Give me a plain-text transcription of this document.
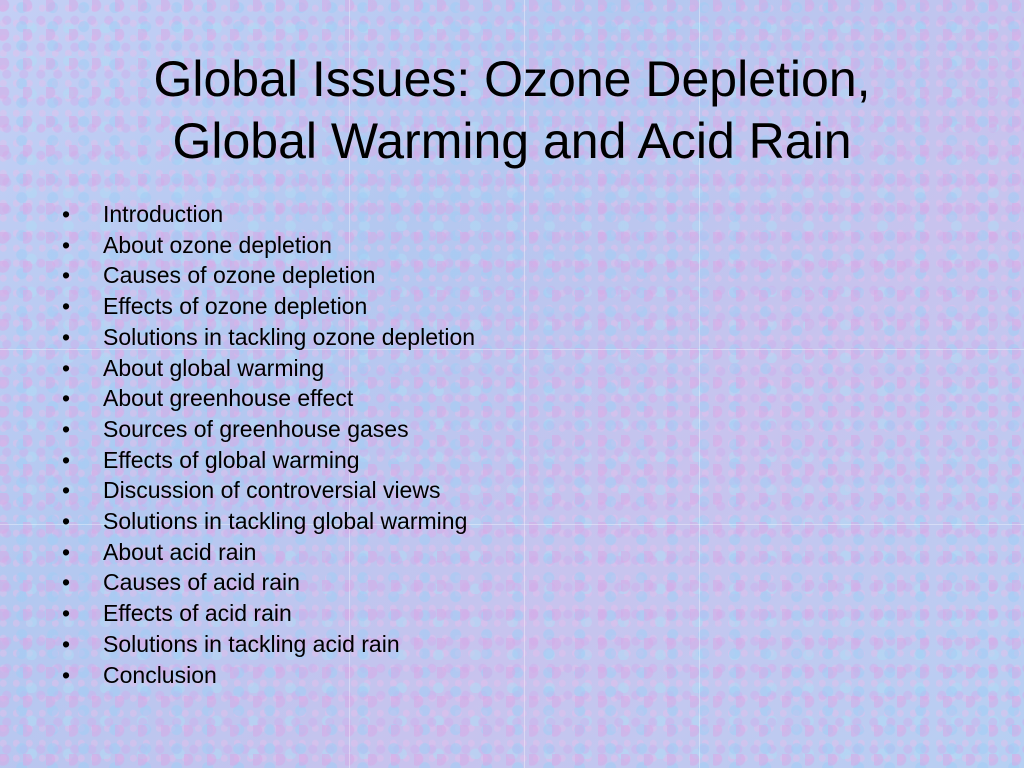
Global Issues: Ozone Depletion,
Global Warming and Acid Rain
•	Introduction
•	About ozone depletion
•	Causes of ozone depletion
•	Effects of ozone depletion
•	Solutions in tackling ozone depletion
•	About global warming
•	About greenhouse effect
•	Sources of greenhouse gases
•	Effects of global warming
•	Discussion of controversial views
•	Solutions in tackling global warming
•	About acid rain
•	Causes of acid rain
•	Effects of acid rain
•	Solutions in tackling acid rain
•	Conclusion
